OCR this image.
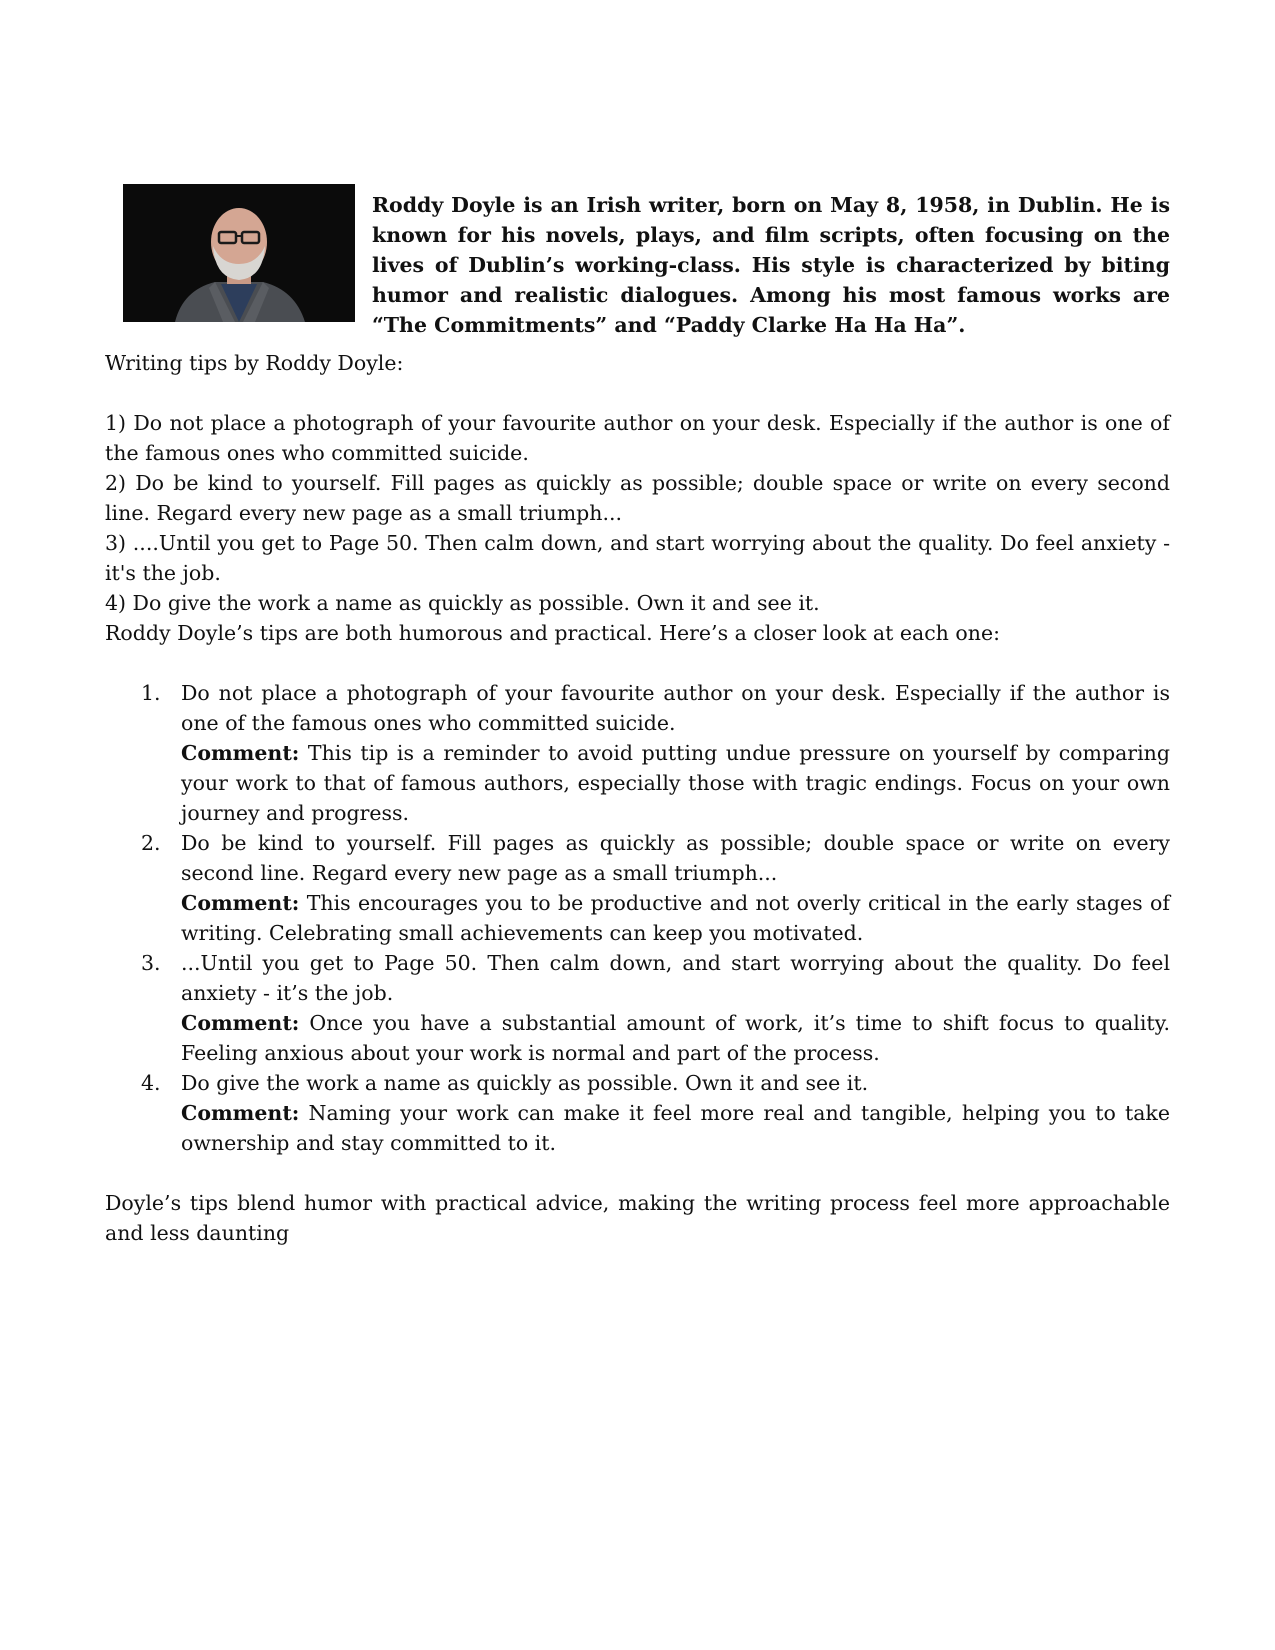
Roddy Doyle is an Irish writer, born on May 8, 1958, in Dublin. He is known for his novels, plays, and film scripts, often focusing on the lives of Dublin’s working-class. His style is characterized by biting humor and realistic dialogues. Among his most famous works are “The Commitments” and “Paddy Clarke Ha Ha Ha”.

Writing tips by Roddy Doyle:

1) Do not place a photograph of your favourite author on your desk. Especially if the author is one of the famous ones who committed suicide.

2) Do be kind to yourself. Fill pages as quickly as possible; double space or write on every second line. Regard every new page as a small triumph...

3) ....Until you get to Page 50. Then calm down, and start worrying about the quality. Do feel anxiety - it's the job.

4) Do give the work a name as quickly as possible. Own it and see it.

Roddy Doyle’s tips are both humorous and practical. Here’s a closer look at each one:

1. Do not place a photograph of your favourite author on your desk. Especially if the author is one of the famous ones who committed suicide.

Comment: This tip is a reminder to avoid putting undue pressure on yourself by comparing your work to that of famous authors, especially those with tragic endings. Focus on your own journey and progress.

2. Do be kind to yourself. Fill pages as quickly as possible; double space or write on every second line. Regard every new page as a small triumph...

Comment: This encourages you to be productive and not overly critical in the early stages of writing. Celebrating small achievements can keep you motivated.

3. ...Until you get to Page 50. Then calm down, and start worrying about the quality. Do feel anxiety - it’s the job.

Comment: Once you have a substantial amount of work, it’s time to shift focus to quality. Feeling anxious about your work is normal and part of the process.

4. Do give the work a name as quickly as possible. Own it and see it.

Comment: Naming your work can make it feel more real and tangible, helping you to take ownership and stay committed to it.

Doyle’s tips blend humor with practical advice, making the writing process feel more approachable and less daunting
